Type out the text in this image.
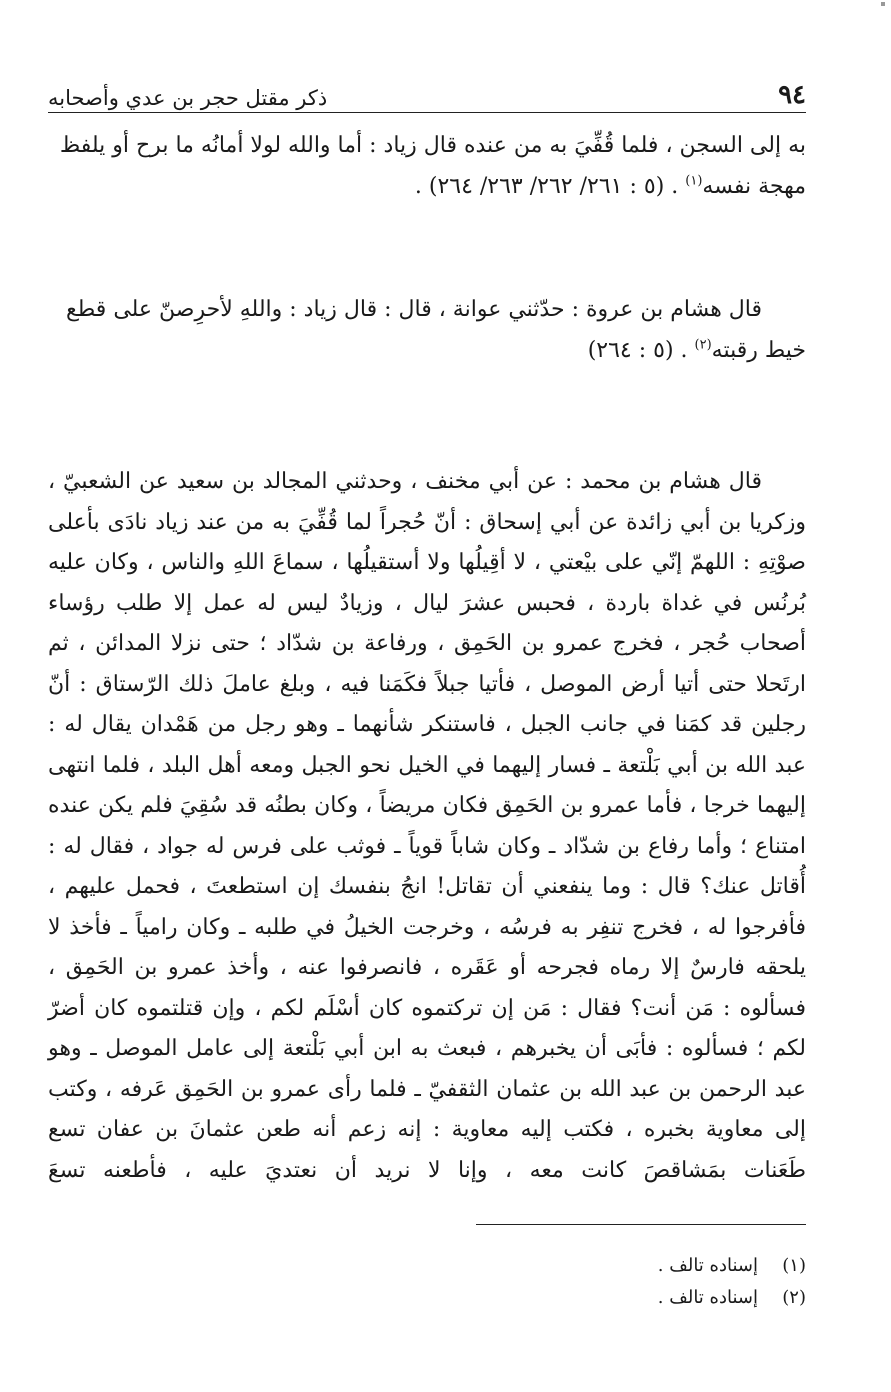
٩٤
ذكر مقتل حجر بن عدي وأصحابه

به إلى السجن ، فلما قُفِّيَ به من عنده قال زياد : أما والله لولا أمانُه ما برح أو يلفظ

مهجة نفسه$^{(١)}$ . (٥ : ٢٦١/ ٢٦٢/ ٢٦٣/ ٢٦٤) .

قال هشام بن عروة : حدّثني عوانة ، قال : قال زياد : واللهِ لأحرِصنّ على قطع

خيط رقبته$^{(٢)}$ . (٥ : ٢٦٤)

قال هشام بن محمد : عن أبي مخنف ، وحدثني المجالد بن سعيد عن الشعبيّ ، وزكريا بن أبي زائدة عن أبي إسحاق : أنّ حُجراً لما قُفِّيَ به من عند زياد نادَى بأعلى صوْتِهِ : اللهمّ إنّي على بيْعتي ، لا أقِيلُها ولا أستقيلُها ، سماعَ اللهِ والناس ، وكان عليه بُرنُس في غداة باردة ، فحبس عشرَ ليال ، وزيادٌ ليس له عمل إلا طلب رؤساء أصحاب حُجر ، فخرج عمرو بن الحَمِق ، ورفاعة بن شدّاد ؛ حتى نزلا المدائن ، ثم ارتَحلا حتى أتيا أرض الموصل ، فأتيا جبلاً فكَمَنا فيه ، وبلغ عاملَ ذلك الرّستاق : أنّ رجلين قد كمَنا في جانب الجبل ، فاستنكر شأنهما ـ وهو رجل من هَمْدان يقال له : عبد الله بن أبي بَلْتعة ـ فسار إليهما في الخيل نحو الجبل ومعه أهل البلد ، فلما انتهى إليهما خرجا ، فأما عمرو بن الحَمِق فكان مريضاً ، وكان بطنُه قد سُقِيَ فلم يكن عنده امتناع ؛ وأما رفاع بن شدّاد ـ وكان شاباً قوياً ـ فوثب على فرس له جواد ، فقال له : أُقاتل عنك؟ قال : وما ينفعني أن تقاتل! انجُ بنفسك إن استطعتَ ، فحمل عليهم ، فأفرجوا له ، فخرج تنفِر به فرسُه ، وخرجت الخيلُ في طلبه ـ وكان رامياً ـ فأخذ لا يلحقه فارسٌ إلا رماه فجرحه أو عَقَره ، فانصرفوا عنه ، وأخذ عمرو بن الحَمِق ، فسألوه : مَن أنت؟ فقال : مَن إن تركتموه كان أسْلَم لكم ، وإن قتلتموه كان أضرّ لكم ؛ فسألوه : فأبَى أن يخبرهم ، فبعث به ابن أبي بَلْتعة إلى عامل الموصل ـ وهو عبد الرحمن بن عبد الله بن عثمان الثقفيّ ـ فلما رأى عمرو بن الحَمِق عَرفه ، وكتب إلى معاوية بخبره ، فكتب إليه معاوية : إنه زعم أنه طعن عثمانَ بن عفان تسع طَعَنات بمَشاقصَ كانت معه ، وإنا لا نريد أن نعتديَ عليه ، فأطعنه تسعَ

(١)
إسناده تالف .
(٢)
إسناده تالف .
